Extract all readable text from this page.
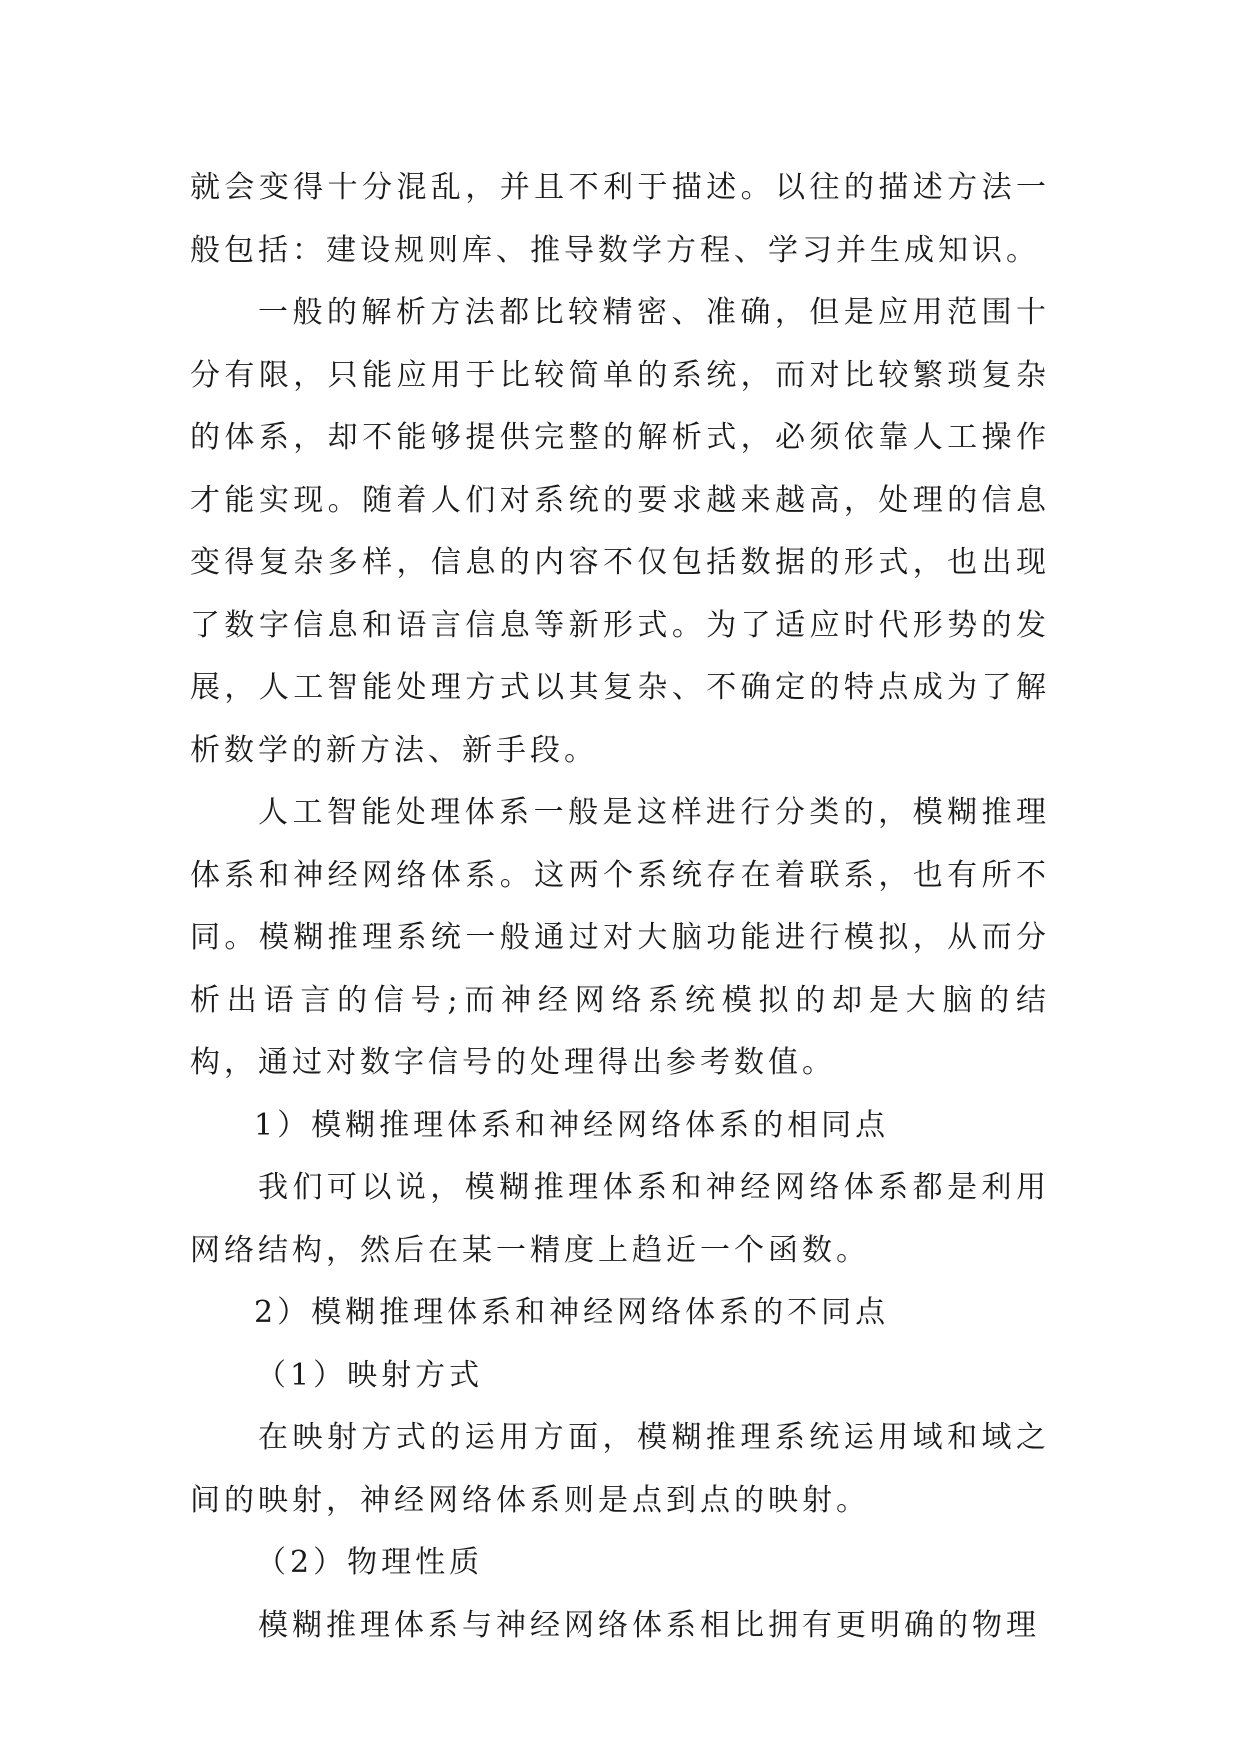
就会变得十分混乱，并且不利于描述。以往的描述方法一般包括：建设规则库、推导数学方程、学习并生成知识。

一般的解析方法都比较精密、准确，但是应用范围十分有限，只能应用于比较简单的系统，而对比较繁琐复杂的体系，却不能够提供完整的解析式，必须依靠人工操作才能实现。随着人们对系统的要求越来越高，处理的信息变得复杂多样，信息的内容不仅包括数据的形式，也出现了数字信息和语言信息等新形式。为了适应时代形势的发展，人工智能处理方式以其复杂、不确定的特点成为了解析数学的新方法、新手段。

人工智能处理体系一般是这样进行分类的，模糊推理体系和神经网络体系。这两个系统存在着联系，也有所不同。模糊推理系统一般通过对大脑功能进行模拟，从而分析出语言的信号;而神经网络系统模拟的却是大脑的结构，通过对数字信号的处理得出参考数值。

1）模糊推理体系和神经网络体系的相同点

我们可以说，模糊推理体系和神经网络体系都是利用网络结构，然后在某一精度上趋近一个函数。

2）模糊推理体系和神经网络体系的不同点

（1）映射方式

在映射方式的运用方面，模糊推理系统运用域和域之间的映射，神经网络体系则是点到点的映射。

（2）物理性质

模糊推理体系与神经网络体系相比拥有更明确的物理
